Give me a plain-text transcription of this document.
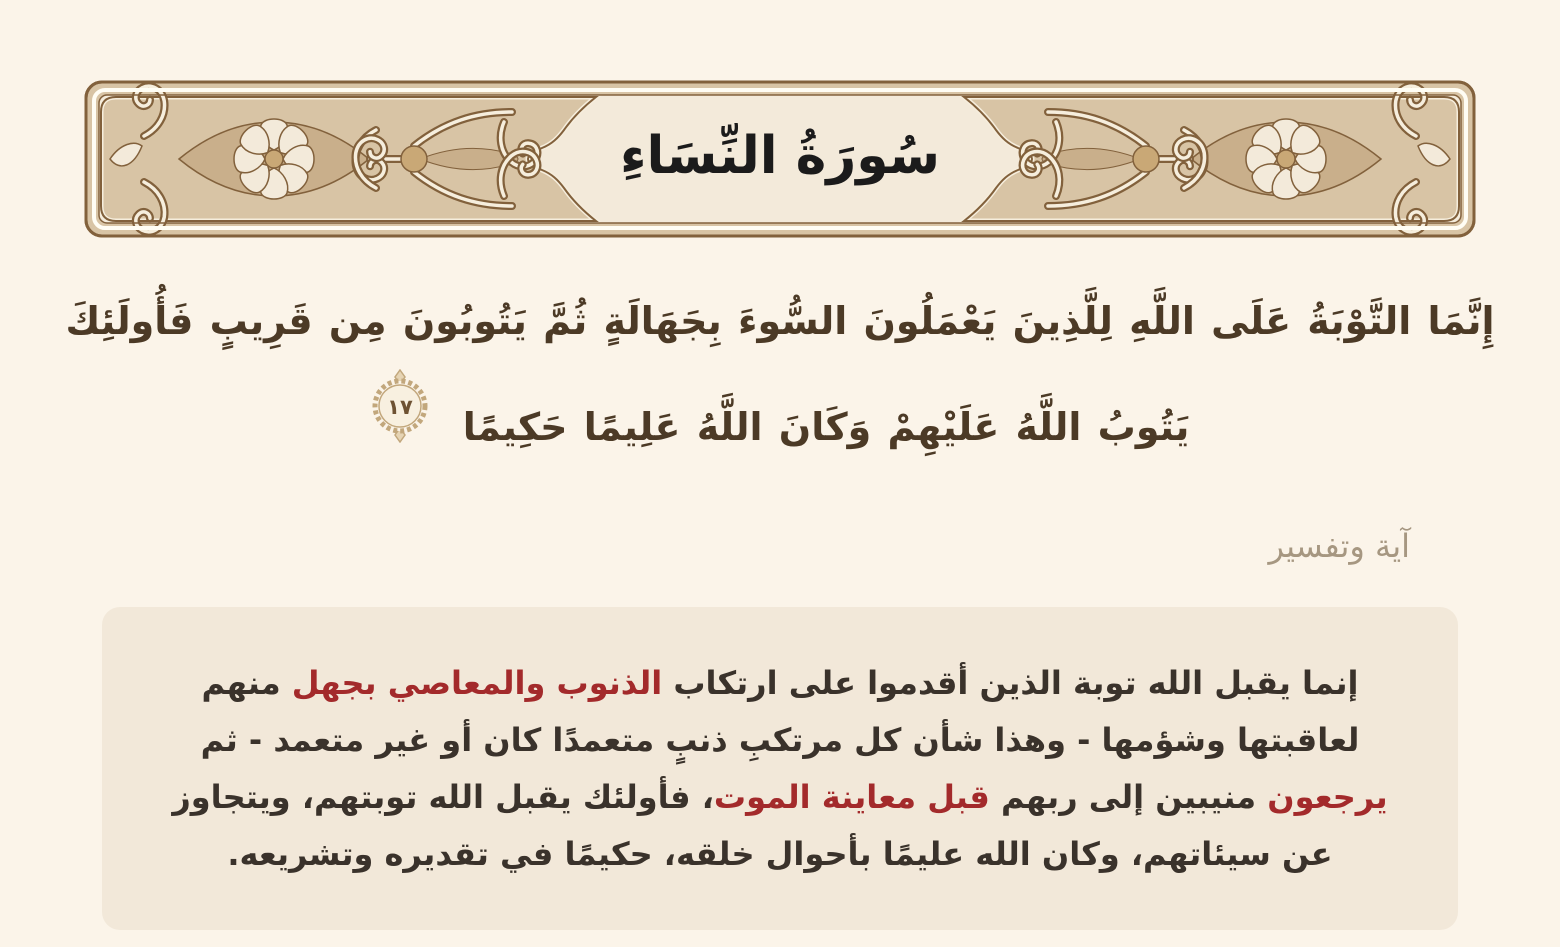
سُورَةُ النِّسَاءِ
إِنَّمَا التَّوْبَةُ عَلَى اللَّهِ لِلَّذِينَ يَعْمَلُونَ السُّوءَ بِجَهَالَةٍ ثُمَّ يَتُوبُونَ مِن قَرِيبٍ فَأُولَئِكَ
يَتُوبُ اللَّهُ عَلَيْهِمْ وَكَانَ اللَّهُ عَلِيمًا حَكِيمًا
١٧
آية وتفسير
إنما يقبل الله توبة الذين أقدموا على ارتكاب الذنوب والمعاصي بجهل منهم
لعاقبتها وشؤمها - وهذا شأن كل مرتكبِ ذنبٍ متعمدًا كان أو غير متعمد - ثم
يرجعون منيبين إلى ربهم قبل معاينة الموت، فأولئك يقبل الله توبتهم، ويتجاوز
عن سيئاتهم، وكان الله عليمًا بأحوال خلقه، حكيمًا في تقديره وتشريعه.
